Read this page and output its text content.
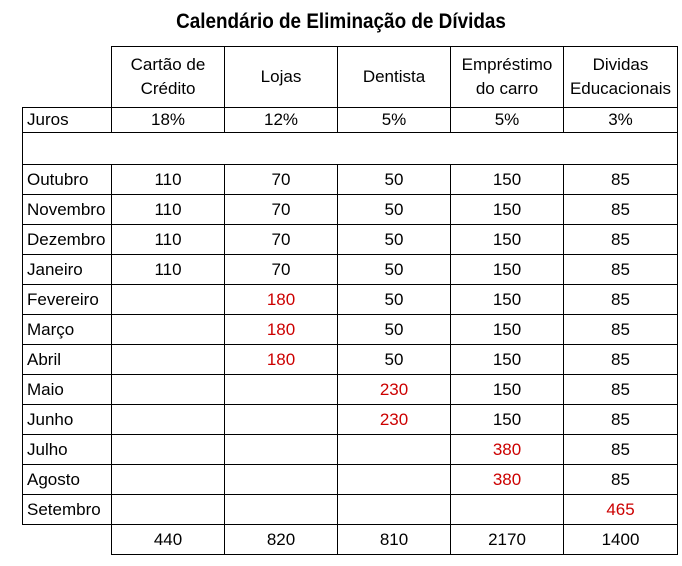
Calendário de Eliminação de Dívidas
	Cartão de Crédito	Lojas	Dentista	Empréstimo do carro	Dividas Educacionais
Juros	18%	12%	5%	5%	3%

Outubro	110	70	50	150	85
Novembro	110	70	50	150	85
Dezembro	110	70	50	150	85
Janeiro	110	70	50	150	85
Fevereiro		180	50	150	85
Março		180	50	150	85
Abril		180	50	150	85
Maio			230	150	85
Junho			230	150	85
Julho				380	85
Agosto				380	85
Setembro					465
	440	820	810	2170	1400
